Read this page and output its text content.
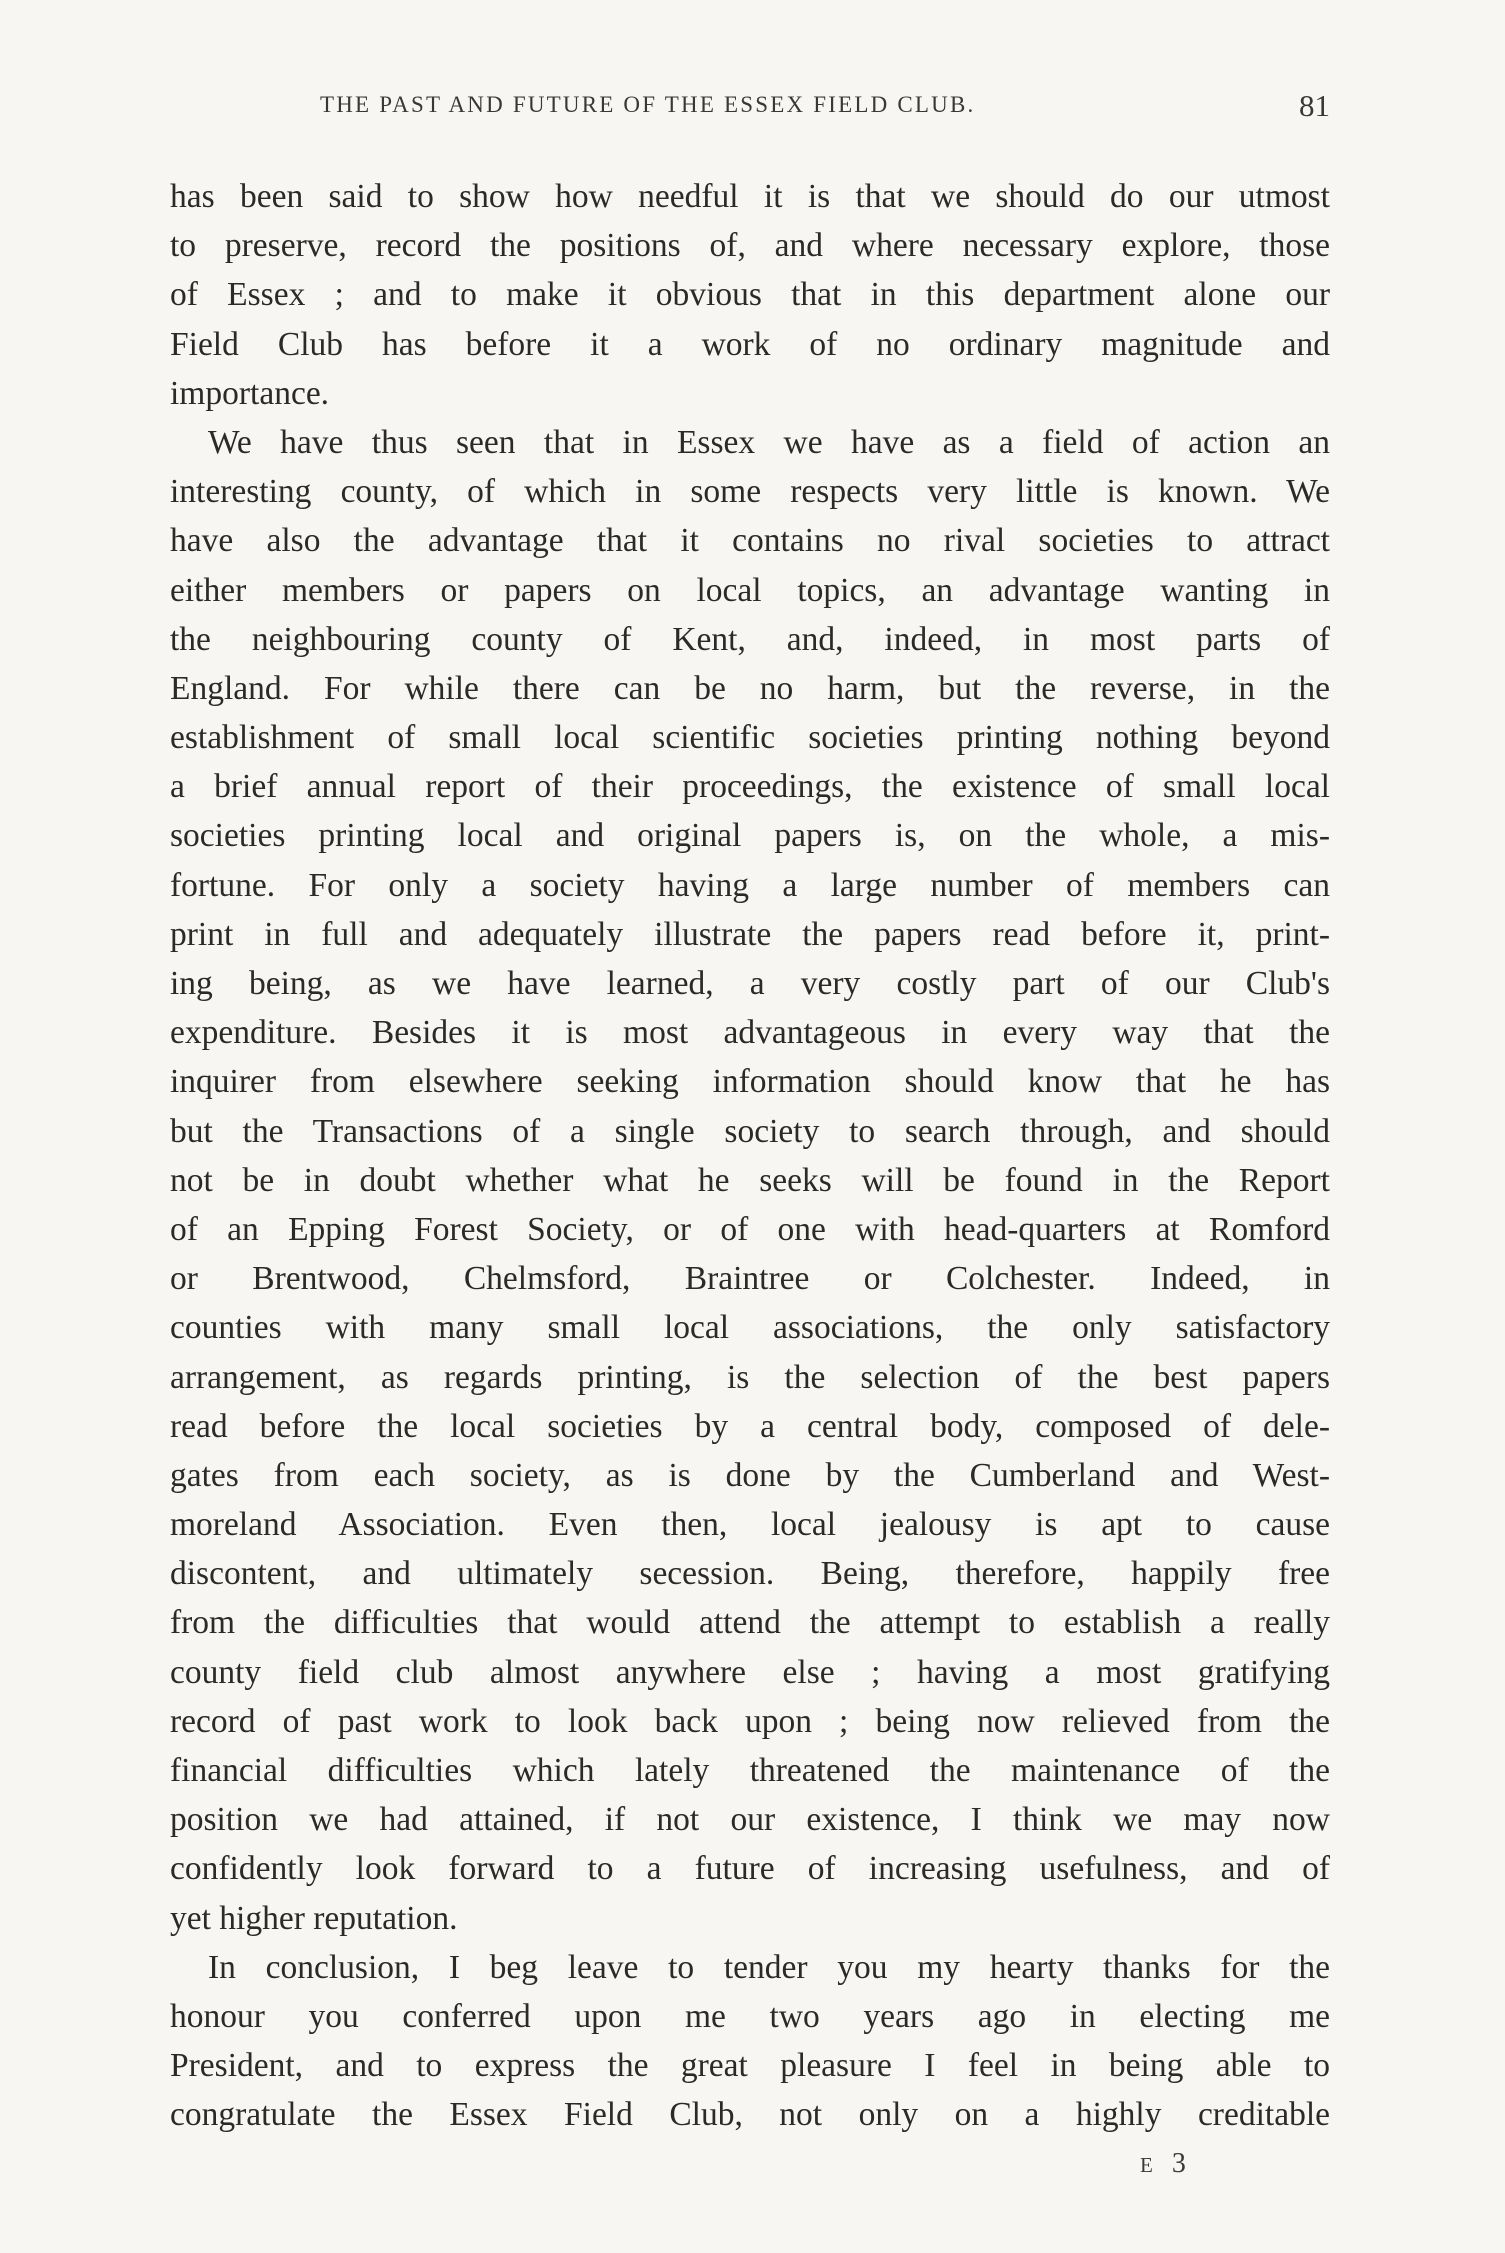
THE PAST AND FUTURE OF THE ESSEX FIELD CLUB.	81
has been said to show how needful it is that we should do our utmost
to preserve, record the positions of, and where necessary explore, those
of Essex ; and to make it obvious that in this department alone our
Field Club has before it a work of no ordinary magnitude and
importance.
We have thus seen that in Essex we have as a field of action an
interesting county, of which in some respects very little is known. We
have also the advantage that it contains no rival societies to attract
either members or papers on local topics, an advantage wanting in
the neighbouring county of Kent, and, indeed, in most parts of
England. For while there can be no harm, but the reverse, in the
establishment of small local scientific societies printing nothing beyond
a brief annual report of their proceedings, the existence of small local
societies printing local and original papers is, on the whole, a mis-
fortune. For only a society having a large number of members can
print in full and adequately illustrate the papers read before it, print-
ing being, as we have learned, a very costly part of our Club's
expenditure. Besides it is most advantageous in every way that the
inquirer from elsewhere seeking information should know that he has
but the Transactions of a single society to search through, and should
not be in doubt whether what he seeks will be found in the Report
of an Epping Forest Society, or of one with head-quarters at Romford
or Brentwood, Chelmsford, Braintree or Colchester. Indeed, in
counties with many small local associations, the only satisfactory
arrangement, as regards printing, is the selection of the best papers
read before the local societies by a central body, composed of dele-
gates from each society, as is done by the Cumberland and West-
moreland Association. Even then, local jealousy is apt to cause
discontent, and ultimately secession. Being, therefore, happily free
from the difficulties that would attend the attempt to establish a really
county field club almost anywhere else ; having a most gratifying
record of past work to look back upon ; being now relieved from the
financial difficulties which lately threatened the maintenance of the
position we had attained, if not our existence, I think we may now
confidently look forward to a future of increasing usefulness, and of
yet higher reputation.
In conclusion, I beg leave to tender you my hearty thanks for the
honour you conferred upon me two years ago in electing me
President, and to express the great pleasure I feel in being able to
congratulate the Essex Field Club, not only on a highly creditable
E 3
